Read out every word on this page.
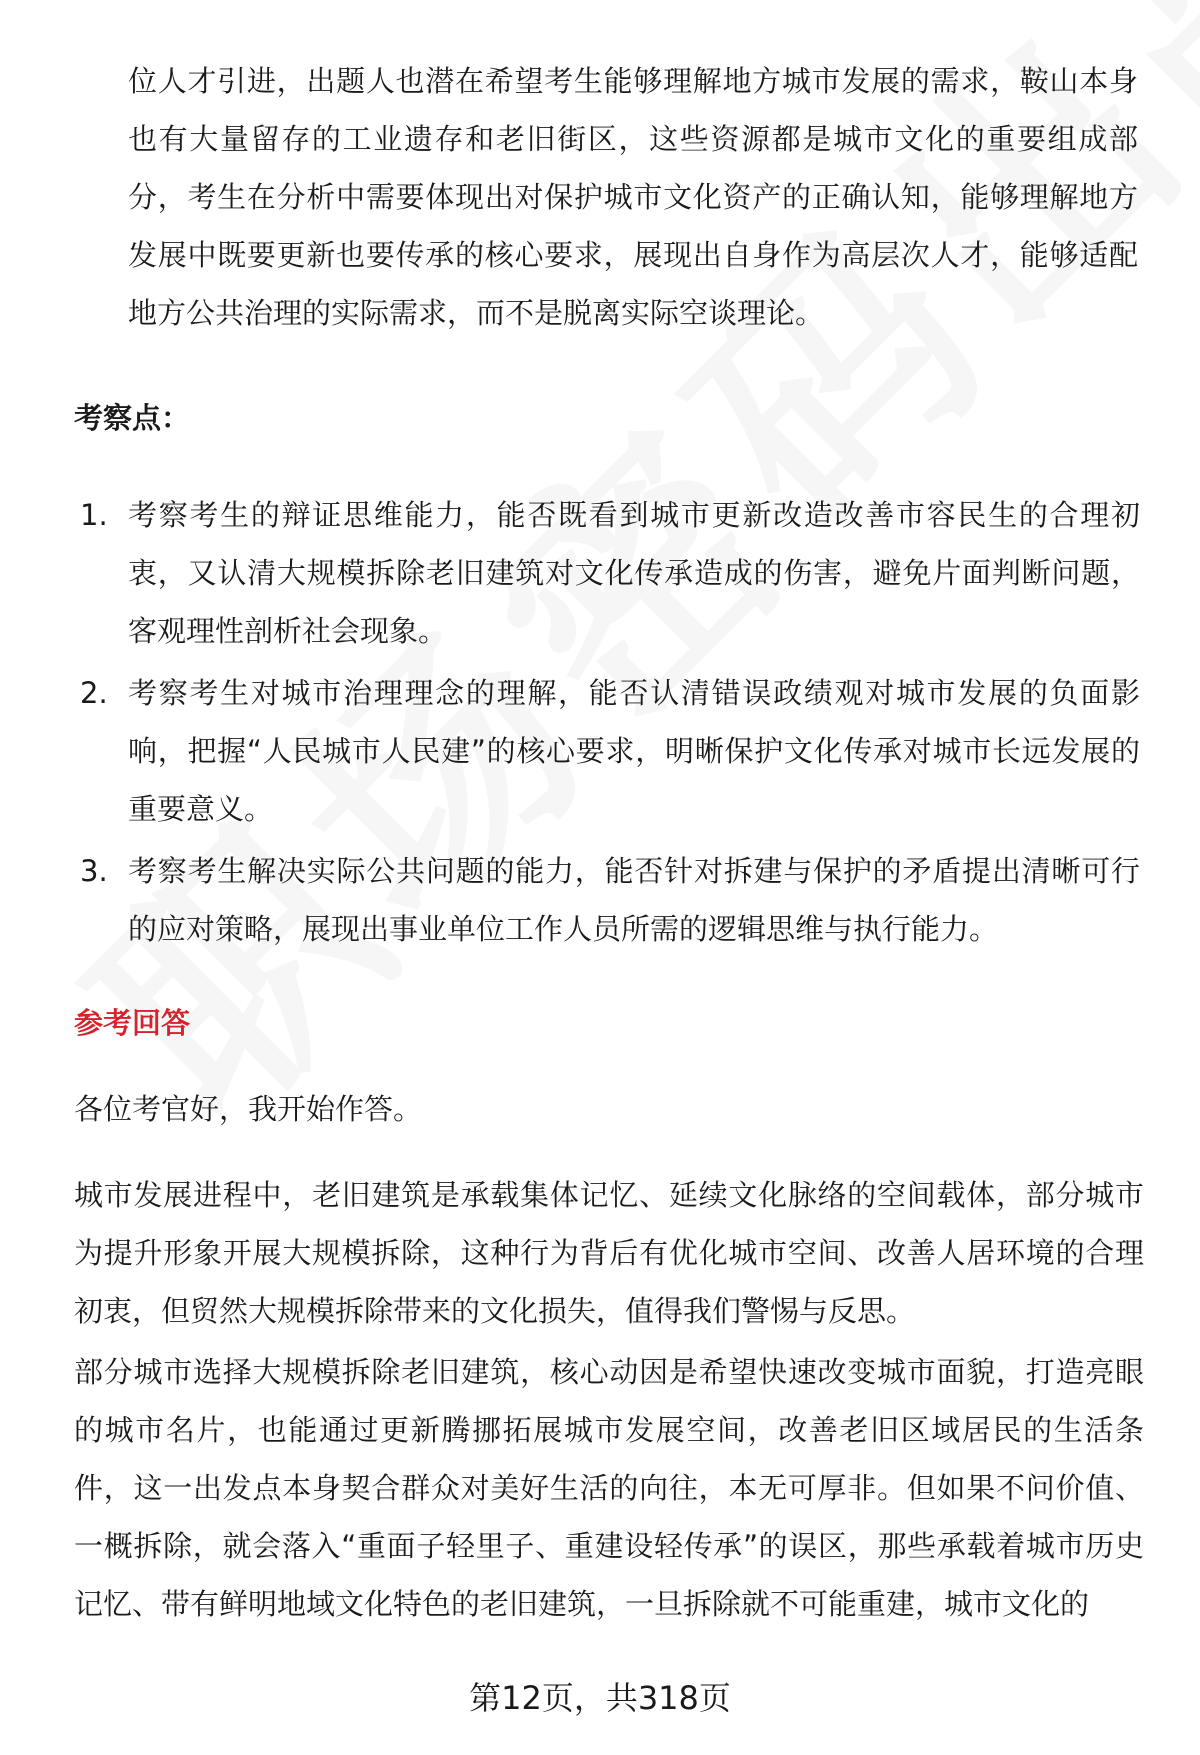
位人才引进，出题人也潜在希望考生能够理解地方城市发展的需求，鞍山本身也有大量留存的工业遗存和老旧街区，这些资源都是城市文化的重要组成部分，考生在分析中需要体现出对保护城市文化资产的正确认知，能够理解地方发展中既要更新也要传承的核心要求，展现出自身作为高层次人才，能够适配地方公共治理的实际需求，而不是脱离实际空谈理论。

考察点：
1. 考察考生的辩证思维能力，能否既看到城市更新改造改善市容民生的合理初衷，又认清大规模拆除老旧建筑对文化传承造成的伤害，避免片面判断问题，客观理性剖析社会现象。
2. 考察考生对城市治理理念的理解，能否认清错误政绩观对城市发展的负面影响，把握“人民城市人民建”的核心要求，明晰保护文化传承对城市长远发展的重要意义。
3. 考察考生解决实际公共问题的能力，能否针对拆建与保护的矛盾提出清晰可行的应对策略，展现出事业单位工作人员所需的逻辑思维与执行能力。
参考回答

各位考官好，我开始作答。

城市发展进程中，老旧建筑是承载集体记忆、延续文化脉络的空间载体，部分城市为提升形象开展大规模拆除，这种行为背后有优化城市空间、改善人居环境的合理初衷，但贸然大规模拆除带来的文化损失，值得我们警惕与反思。

部分城市选择大规模拆除老旧建筑，核心动因是希望快速改变城市面貌，打造亮眼的城市名片，也能通过更新腾挪拓展城市发展空间，改善老旧区域居民的生活条件，这一出发点本身契合群众对美好生活的向往，本无可厚非。但如果不问价值、一概拆除，就会落入“重面子轻里子、重建设轻传承”的误区，那些承载着城市历史记忆、带有鲜明地域文化特色的老旧建筑，一旦拆除就不可能重建，城市文化的

第12页，共318页
